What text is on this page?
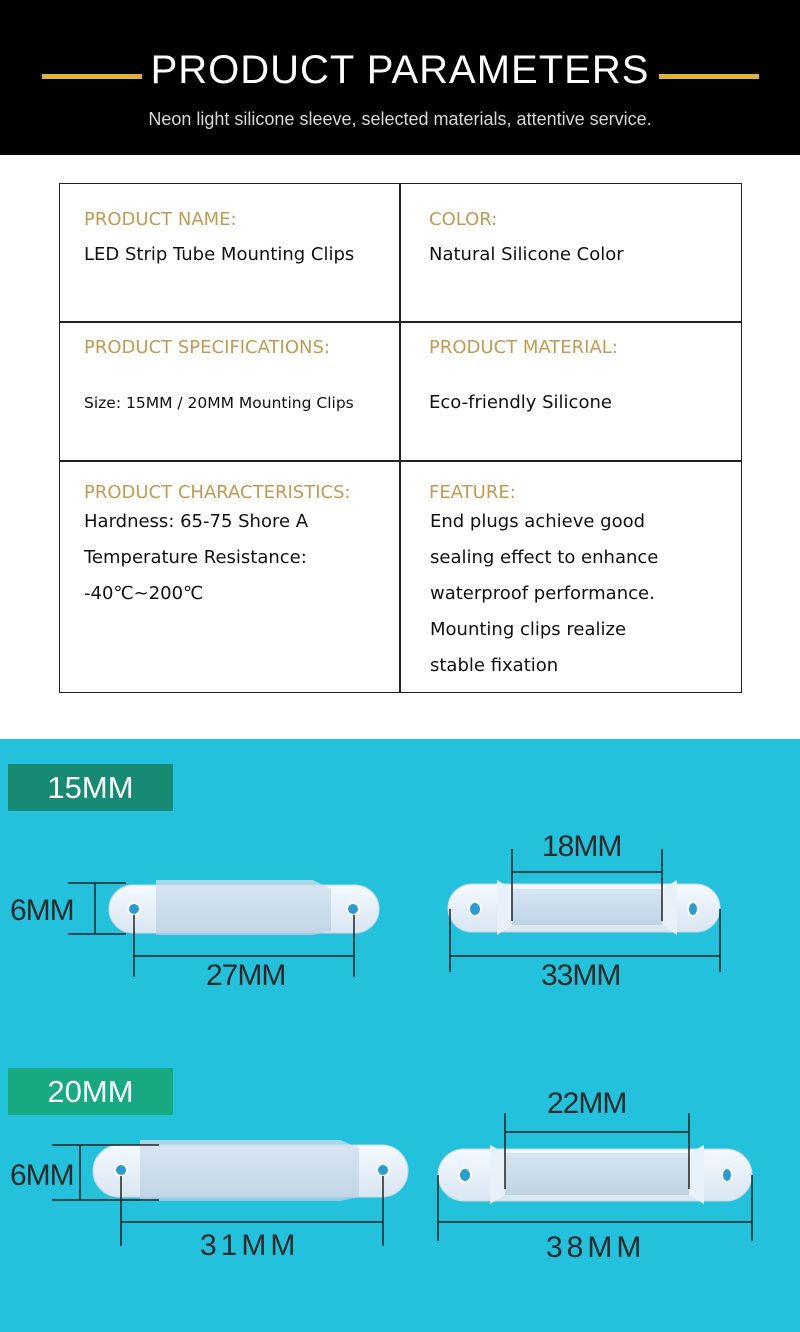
PRODUCT PARAMETERS
Neon light silicone sleeve, selected materials, attentive service.
PRODUCT NAME:
LED Strip Tube Mounting Clips
COLOR:
Natural Silicone Color
PRODUCT SPECIFICATIONS:
Size: 15MM / 20MM Mounting Clips
PRODUCT MATERIAL:
Eco-friendly Silicone
PRODUCT CHARACTERISTICS:
Hardness: 65-75 Shore A
Temperature Resistance:
-40℃~200℃
FEATURE:
End plugs achieve good
sealing effect to enhance
waterproof performance.
Mounting clips realize
stable fixation
15MM
20MM
6MM
27MM
18MM
33MM
6MM
31MM
22MM
38MM
